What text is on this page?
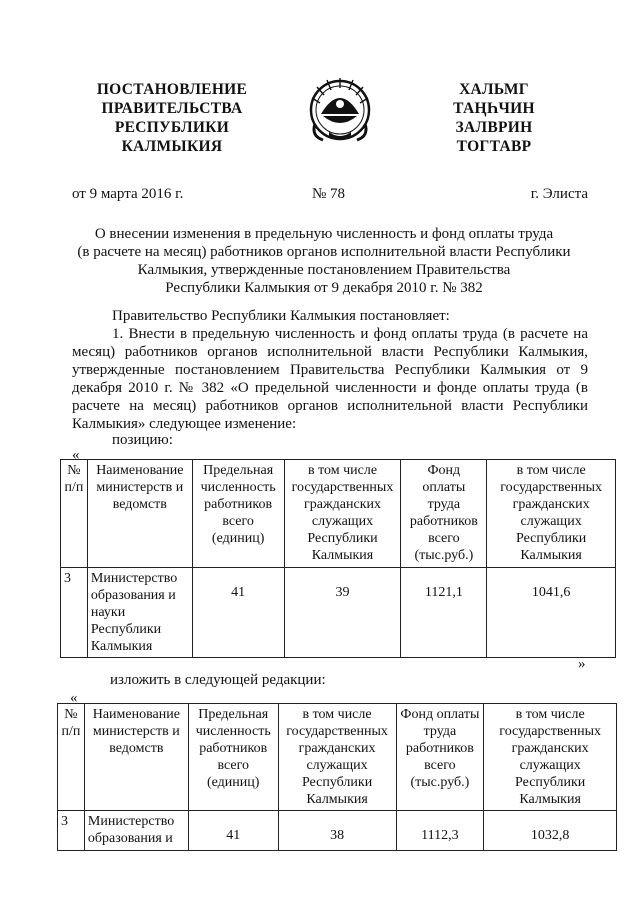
ПОСТАНОВЛЕНИЕ
ПРАВИТЕЛЬСТВА
РЕСПУБЛИКИ
КАЛМЫКИЯ
ХАЛЬМГ
ТАҢҺЧИН
ЗАЛВРИН
ТОГТАВР
от 9 марта 2016 г.	№ 78	г. Элиста
О внесении изменения в предельную численность и фонд оплаты труда
(в расчете на месяц) работников органов исполнительной власти Республики
Калмыкия, утвержденные постановлением Правительства
Республики Калмыкия от 9 декабря 2010 г. № 382
Правительство Республики Калмыкия постановляет:
1. Внести в предельную численность и фонд оплаты труда (в расчете на
месяц) работников органов исполнительной власти Республики Калмыкия,
утвержденные постановлением Правительства Республики Калмыкия от 9
декабря 2010 г. № 382 «О предельной численности и фонде оплаты труда (в
расчете на месяц) работников органов исполнительной власти Республики
Калмыкия» следующее изменение:
позицию:
«
№ п/п	Наименование министерств и ведомств	Предельная численность работников всего (единиц)	в том числе государственных гражданских служащих Республики Калмыкия	Фонд оплаты труда работников всего (тыс.руб.)	в том числе государственных гражданских служащих Республики Калмыкия
3	Министерство образования и науки Республики Калмыкия	41	39	1121,1	1041,6
»
изложить в следующей редакции:
«
№ п/п	Наименование министерств и ведомств	Предельная численность работников всего (единиц)	в том числе государственных гражданских служащих Республики Калмыкия	Фонд оплаты труда работников всего (тыс.руб.)	в том числе государственных гражданских служащих Республики Калмыкия
3	Министерство образования и	41	38	1112,3	1032,8
